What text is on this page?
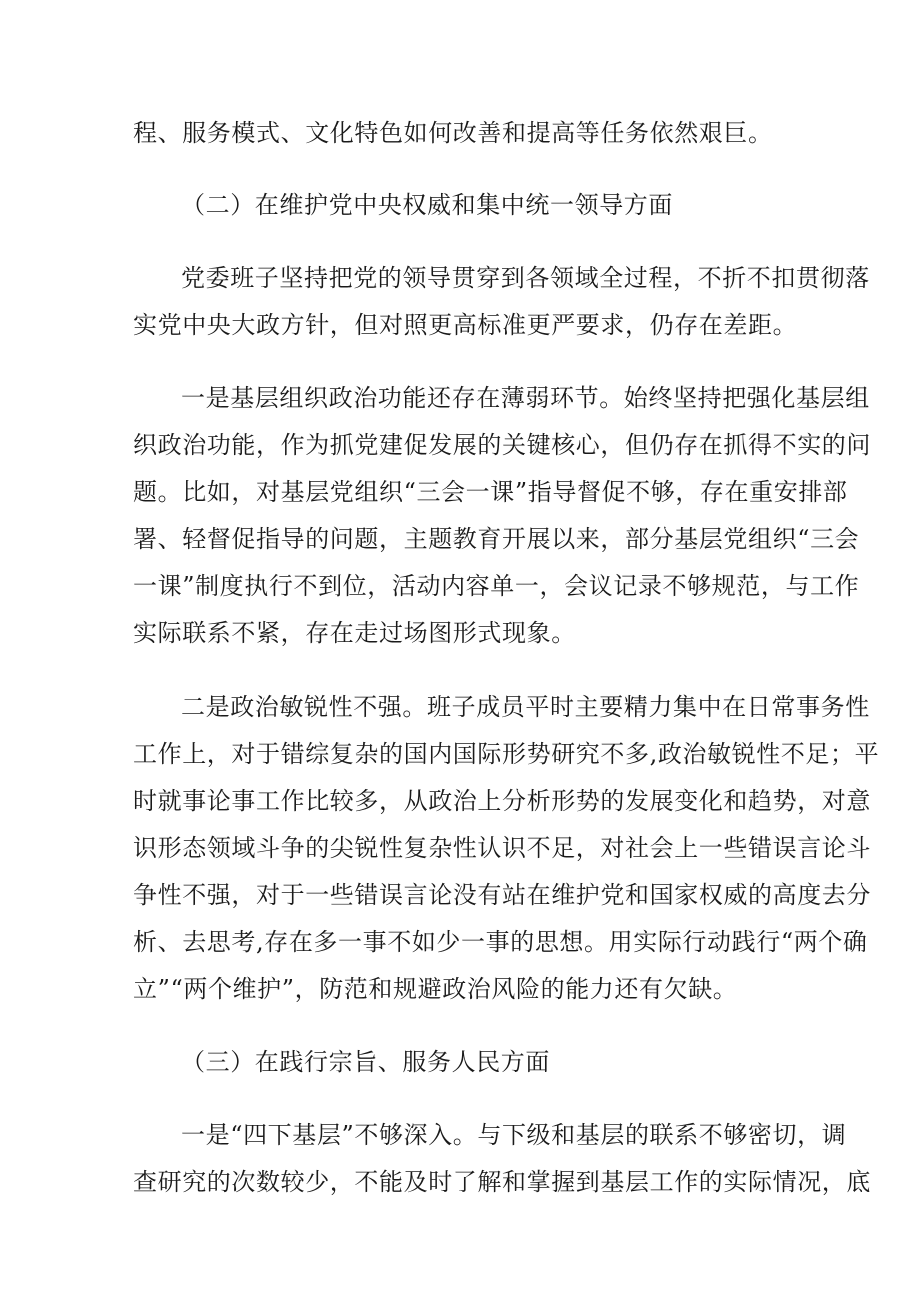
程、服务模式、文化特色如何改善和提高等任务依然艰巨。
（二）在维护党中央权威和集中统一领导方面
党委班子坚持把党的领导贯穿到各领域全过程，不折不扣贯彻落
实党中央大政方针，但对照更高标准更严要求，仍存在差距。
一是基层组织政治功能还存在薄弱环节。始终坚持把强化基层组
织政治功能，作为抓党建促发展的关键核心，但仍存在抓得不实的问
题。比如，对基层党组织“三会一课”指导督促不够，存在重安排部
署、轻督促指导的问题，主题教育开展以来，部分基层党组织“三会
一课”制度执行不到位，活动内容单一，会议记录不够规范，与工作
实际联系不紧，存在走过场图形式现象。
二是政治敏锐性不强。班子成员平时主要精力集中在日常事务性
工作上，对于错综复杂的国内国际形势研究不多,政治敏锐性不足；平
时就事论事工作比较多，从政治上分析形势的发展变化和趋势，对意
识形态领域斗争的尖锐性复杂性认识不足，对社会上一些错误言论斗
争性不强，对于一些错误言论没有站在维护党和国家权威的高度去分
析、去思考,存在多一事不如少一事的思想。用实际行动践行“两个确
立”“两个维护”，防范和规避政治风险的能力还有欠缺。
（三）在践行宗旨、服务人民方面
一是“四下基层”不够深入。与下级和基层的联系不够密切，调
查研究的次数较少，不能及时了解和掌握到基层工作的实际情况，底
